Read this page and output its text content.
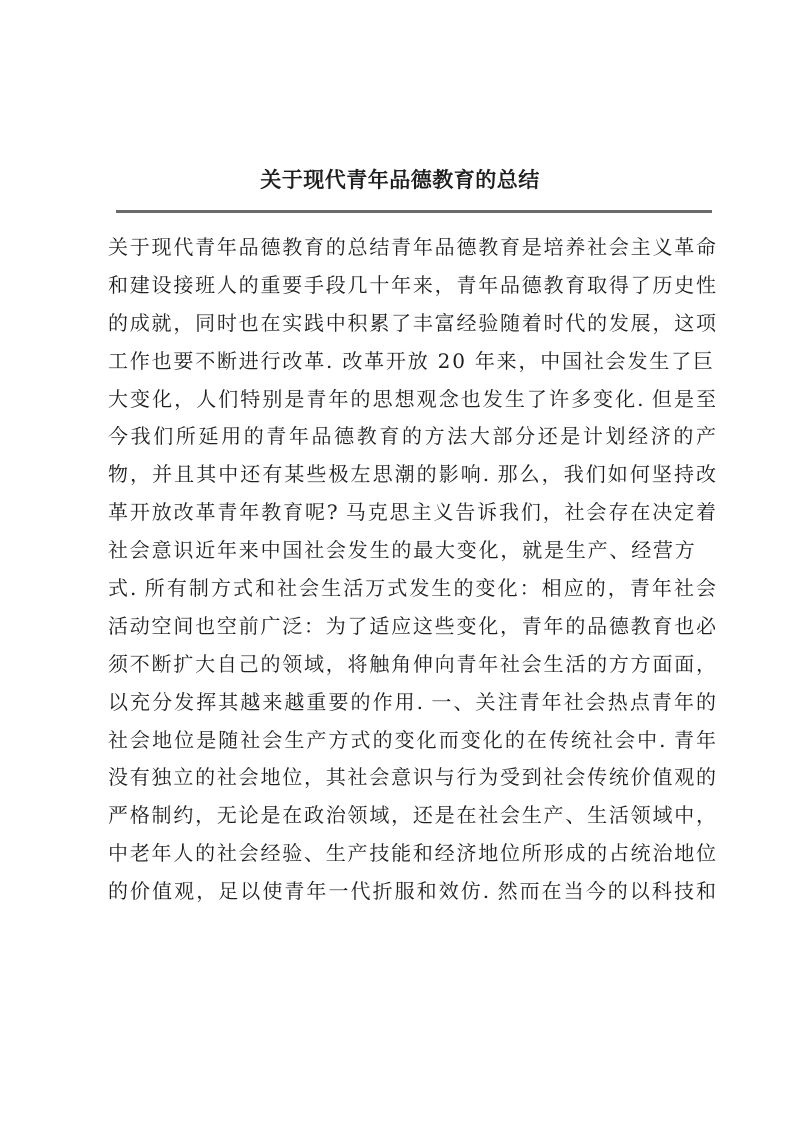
关于现代青年品德教育的总结
关于现代青年品德教育的总结青年品德教育是培养社会主义革命
和建设接班人的重要手段几十年来，青年品德教育取得了历史性
的成就，同时也在实践中积累了丰富经验随着时代的发展，这项
工作也要不断进行改革. 改革开放 20 年来，中国社会发生了巨
大变化，人们特别是青年的思想观念也发生了许多变化. 但是至
今我们所延用的青年品德教育的方法大部分还是计划经济的产
物，并且其中还有某些极左思潮的影响. 那么，我们如何坚持改
革开放改革青年教育呢? 马克思主义告诉我们，社会存在决定着
社会意识近年来中国社会发生的最大变化，就是生产、经营方
式. 所有制方式和社会生活万式发生的变化：相应的，青年社会
活动空间也空前广泛：为了适应这些变化，青年的品德教育也必
须不断扩大自己的领域，将触角伸向青年社会生活的方方面面，
以充分发挥其越来越重要的作用. 一、关注青年社会热点青年的
社会地位是随社会生产方式的变化而变化的在传统社会中. 青年
没有独立的社会地位，其社会意识与行为受到社会传统价值观的
严格制约，无论是在政治领域，还是在社会生产、生活领域中，
中老年人的社会经验、生产技能和经济地位所形成的占统治地位
的价值观，足以使青年一代折服和效仿. 然而在当今的以科技和
